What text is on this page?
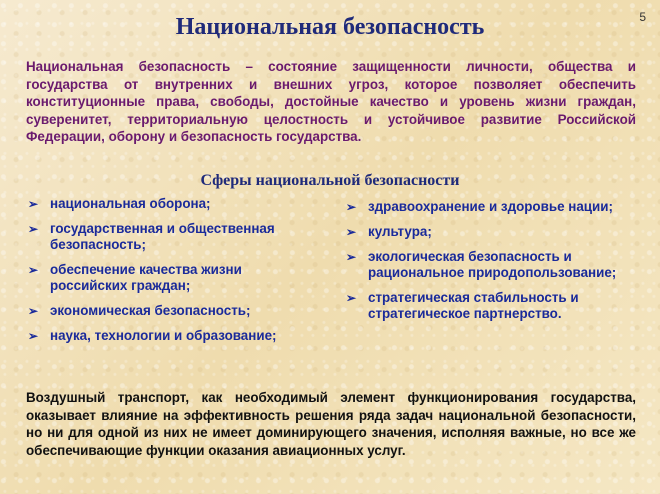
5
Национальная безопасность
Национальная безопасность – состояние защищенности личности, общества и государства от внутренних и внешних угроз, которое позволяет обеспечить конституционные права, свободы, достойные качество и уровень жизни граждан, суверенитет, территориальную целостность и устойчивое развитие Российской Федерации, оборону и безопасность государства.
Сферы национальной безопасности
➢ национальная оборона;
➢ государственная и общественная безопасность;
➢ обеспечение качества жизни российских граждан;
➢ экономическая безопасность;
➢ наука, технологии и образование;
➢ здравоохранение и здоровье нации;
➢ культура;
➢ экологическая безопасность и рациональное природопользование;
➢ стратегическая стабильность и стратегическое партнерство.
Воздушный транспорт, как необходимый элемент функционирования государства, оказывает влияние на эффективность решения ряда задач национальной безопасности, но ни для одной из них не имеет доминирующего значения, исполняя важные, но все же обеспечивающие функции оказания авиационных услуг.
